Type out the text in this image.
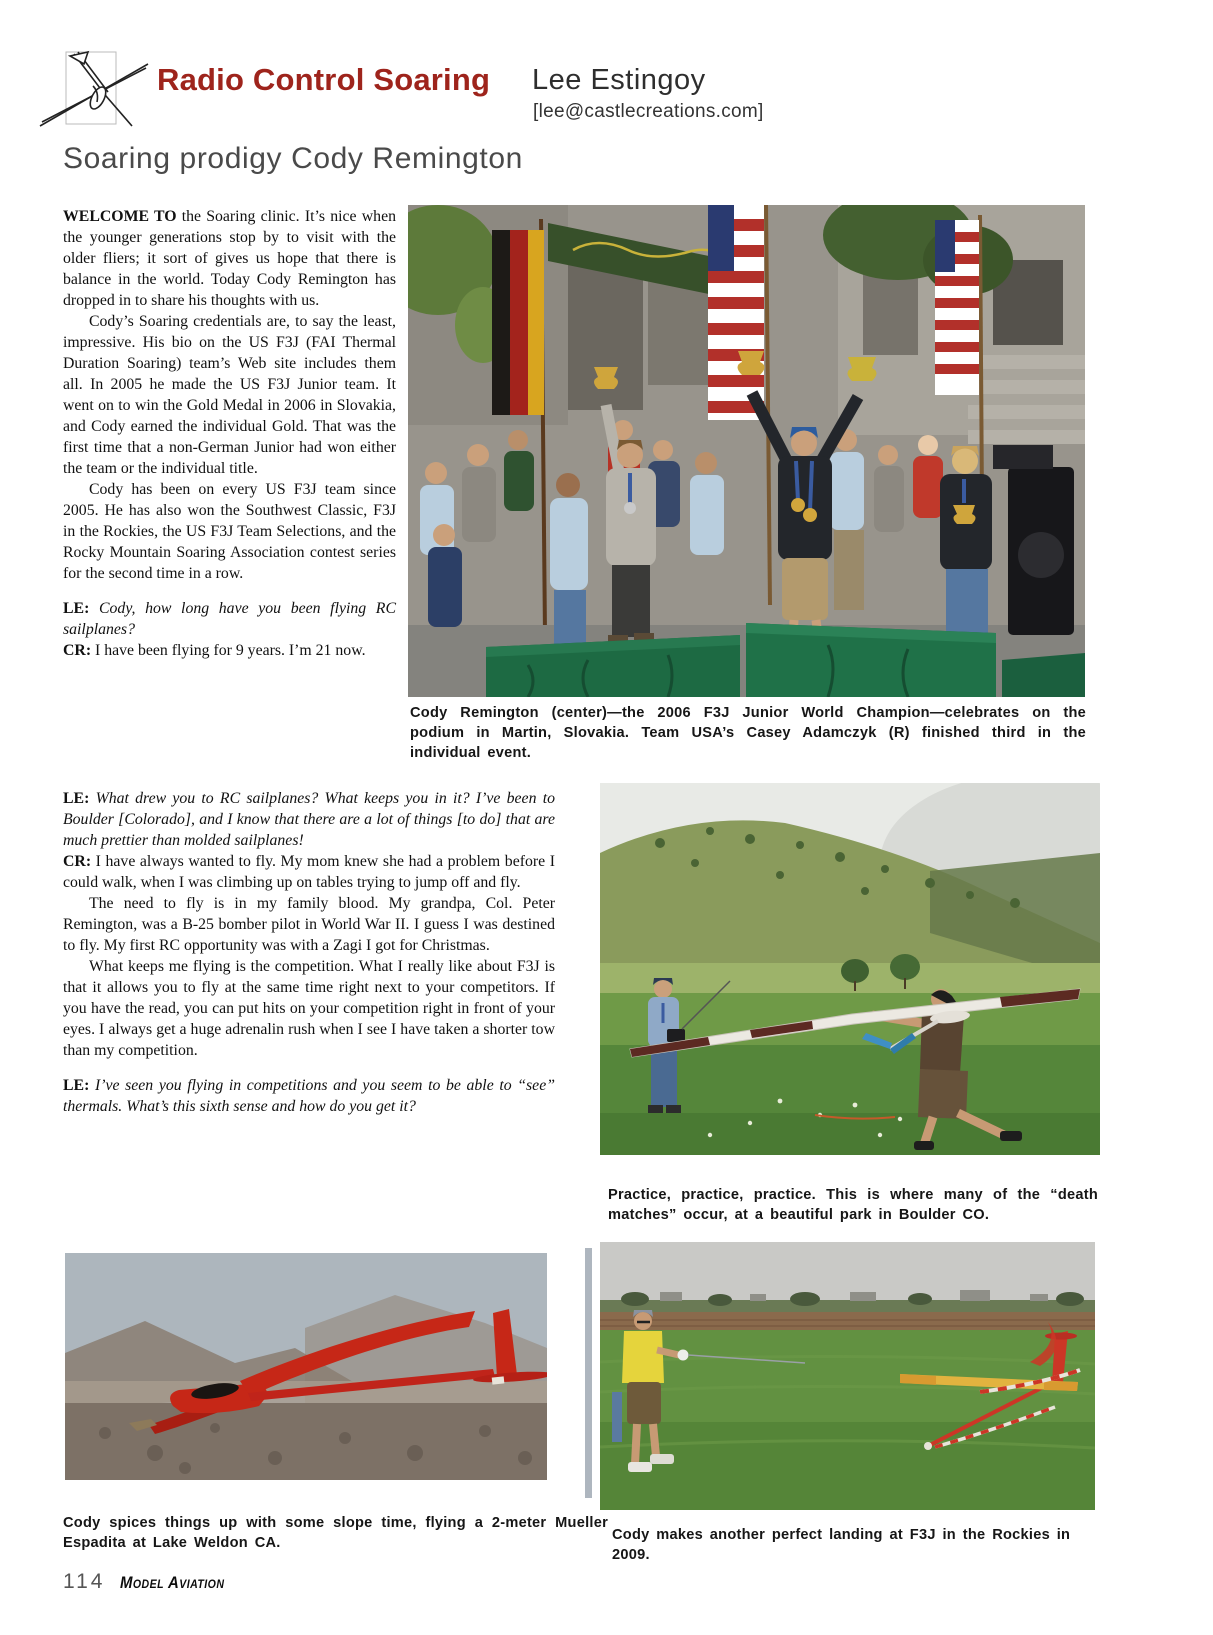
Radio Control Soaring Lee Estingoy
[lee@castlecreations.com]
Soaring prodigy Cody Remington

WELCOME TO the Soaring clinic. It’s nice when the younger generations stop by to visit with the older fliers; it sort of gives us hope that there is balance in the world. Today Cody Remington has dropped in to share his thoughts with us.

Cody’s Soaring credentials are, to say the least, impressive. His bio on the US F3J (FAI Thermal Duration Soaring) team’s Web site includes them all. In 2005 he made the US F3J Junior team. It went on to win the Gold Medal in 2006 in Slovakia, and Cody earned the individual Gold. That was the first time that a non-German Junior had won either the team or the individual title.

Cody has been on every US F3J team since 2005. He has also won the Southwest Classic, F3J in the Rockies, the US F3J Team Selections, and the Rocky Mountain Soaring Association contest series for the second time in a row.

LE: Cody, how long have you been flying RC sailplanes?

CR: I have been flying for 9 years. I’m 21 now.

Cody Remington (center)—the 2006 F3J Junior World Champion—celebrates on the podium in Martin, Slovakia. Team USA’s Casey Adamczyk (R) finished third in the individual event.

LE: What drew you to RC sailplanes? What keeps you in it? I’ve been to Boulder [Colorado], and I know that there are a lot of things [to do] that are much prettier than molded sailplanes!

CR: I have always wanted to fly. My mom knew she had a problem before I could walk, when I was climbing up on tables trying to jump off and fly.

The need to fly is in my family blood. My grandpa, Col. Peter Remington, was a B-25 bomber pilot in World War II. I guess I was destined to fly. My first RC opportunity was with a Zagi I got for Christmas.

What keeps me flying is the competition. What I really like about F3J is that it allows you to fly at the same time right next to your competitors. If you have the read, you can put hits on your competition right in front of your eyes. I always get a huge adrenalin rush when I see I have taken a shorter tow than my competition.

LE: I’ve seen you flying in competitions and you seem to be able to “see” thermals. What’s this sixth sense and how do you get it?

Practice, practice, practice. This is where many of the “death matches” occur, at a beautiful park in Boulder CO.
Cody spices things up with some slope time, flying a 2-meter Mueller Espadita at Lake Weldon CA.	Cody makes another perfect landing at F3J in the Rockies in 2009.
114 Model Aviation
